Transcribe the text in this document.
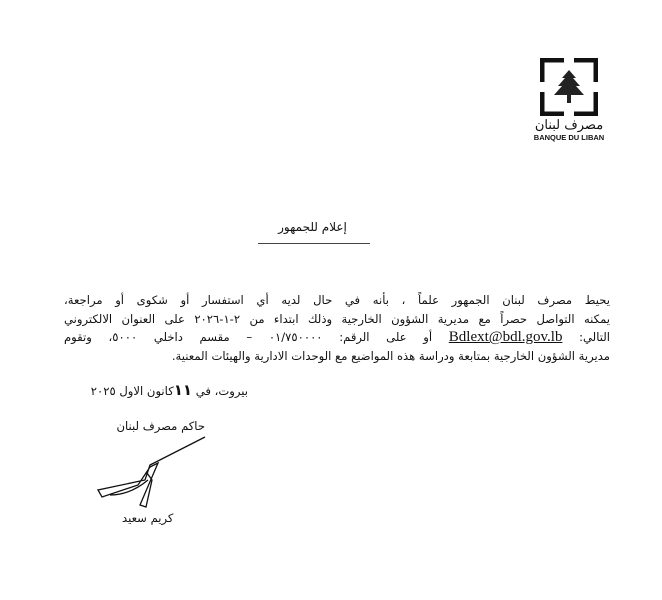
مصرف لبنان
BANQUE DU LIBAN
إعلام للجمهور
يحيط مصرف لبنان الجمهور علماً ، بأنه في حال لديه أي استفسار أو شكوى أو مراجعة،
يمكنه التواصل حصراً مع مديرية الشؤون الخارجية وذلك ابتداء من ٢-١-٢٠٢٦ على العنوان الالكتروني
التالي: Bdlext@bdl.gov.lb أو على الرقم: ٠١/٧٥٠٠٠٠ – مقسم داخلي ٥٠٠٠، وتقوم
مديرية الشؤون الخارجية بمتابعة ودراسة هذه المواضيع مع الوحدات الادارية والهيئات المعنية.
بيروت، في ١١كانون الاول ٢٠٢٥
حاكم مصرف لبنان
كريم سعيد
